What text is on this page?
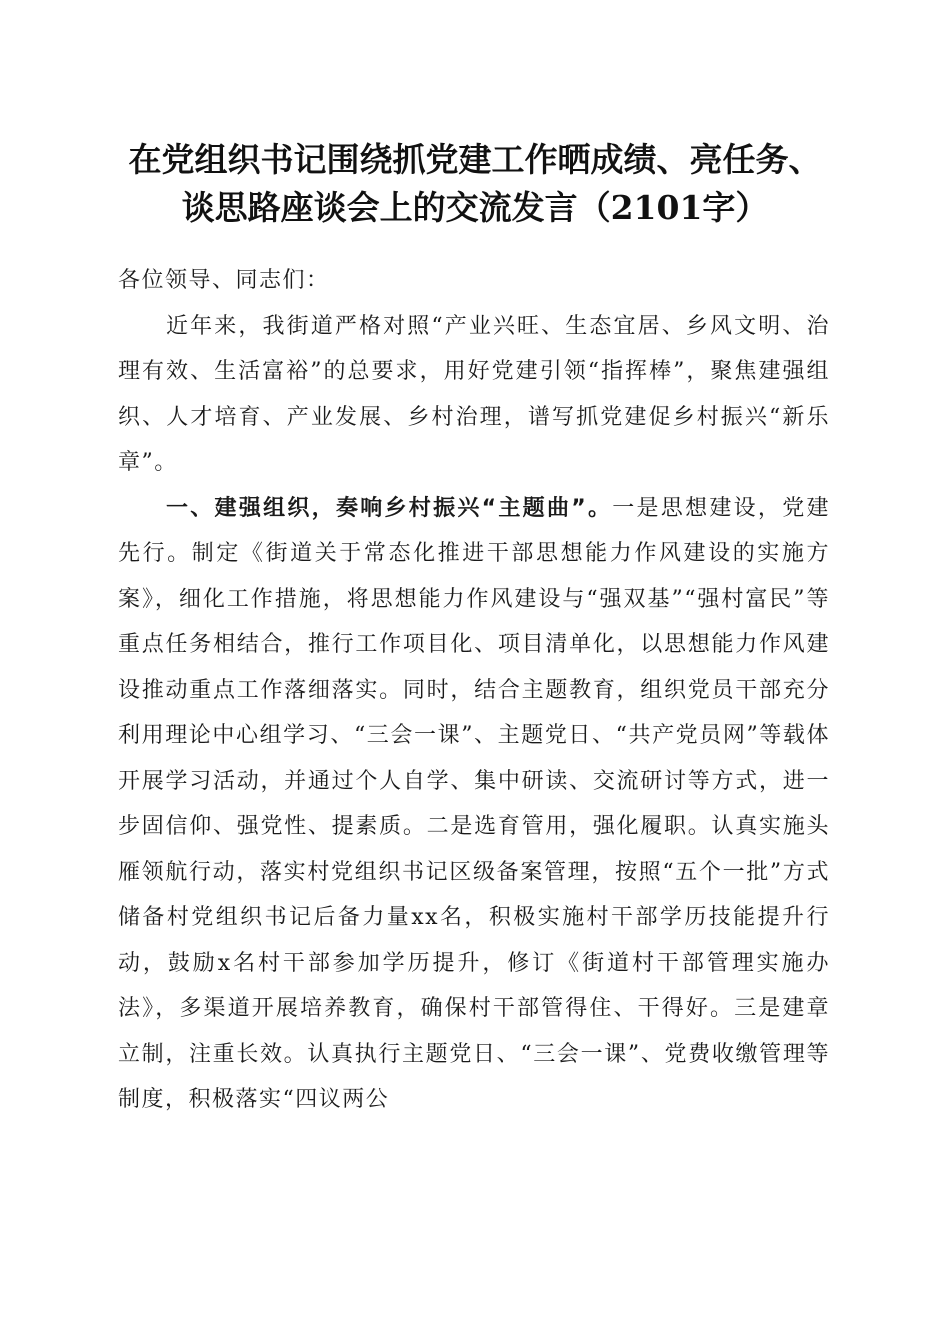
在党组织书记围绕抓党建工作晒成绩、亮任务、
谈思路座谈会上的交流发言（2101字）

各位领导、同志们：

近年来，我街道严格对照“产业兴旺、生态宜居、乡风文明、治理有效、生活富裕”的总要求，用好党建引领“指挥棒”，聚焦建强组织、人才培育、产业发展、乡村治理，谱写抓党建促乡村振兴“新乐章”。

一、建强组织，奏响乡村振兴“主题曲”。一是思想建设，党建先行。制定《街道关于常态化推进干部思想能力作风建设的实施方案》，细化工作措施，将思想能力作风建设与“强双基”“强村富民”等重点任务相结合，推行工作项目化、项目清单化，以思想能力作风建设推动重点工作落细落实。同时，结合主题教育，组织党员干部充分利用理论中心组学习、“三会一课”、主题党日、“共产党员网”等载体开展学习活动，并通过个人自学、集中研读、交流研讨等方式，进一步固信仰、强党性、提素质。二是选育管用，强化履职。认真实施头雁领航行动，落实村党组织书记区级备案管理，按照“五个一批”方式储备村党组织书记后备力量xx名，积极实施村干部学历技能提升行动，鼓励x名村干部参加学历提升，修订《街道村干部管理实施办法》，多渠道开展培养教育，确保村干部管得住、干得好。三是建章立制，注重长效。认真执行主题党日、“三会一课”、党费收缴管理等制度，积极落实“四议两公
